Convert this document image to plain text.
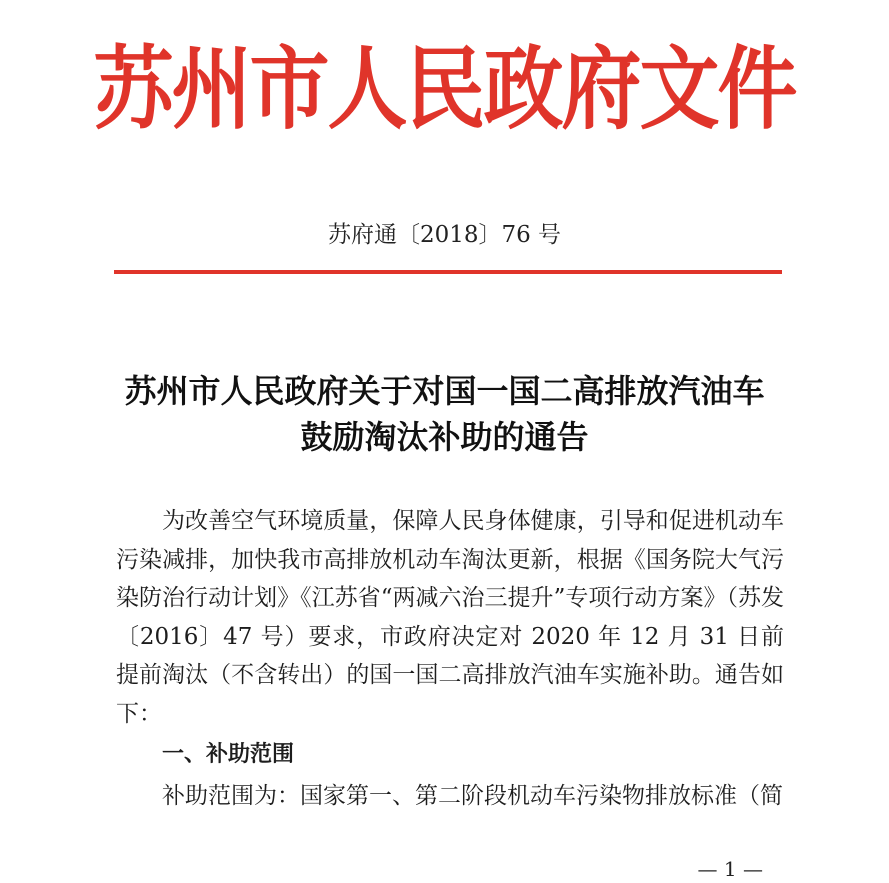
苏州市人民政府文件
苏府通〔2018〕76 号
苏州市人民政府关于对国一国二高排放汽油车
鼓励淘汰补助的通告

为改善空气环境质量，保障人民身体健康，引导和促进机动车污染减排，加快我市高排放机动车淘汰更新，根据《国务院大气污染防治行动计划》《江苏省“两减六治三提升”专项行动方案》（苏发〔2016〕47 号）要求，市政府决定对 2020 年 12 月 31 日前提前淘汰（不含转出）的国一国二高排放汽油车实施补助。通告如下：

一、补助范围

补助范围为：国家第一、第二阶段机动车污染物排放标准（简

— 1 —
